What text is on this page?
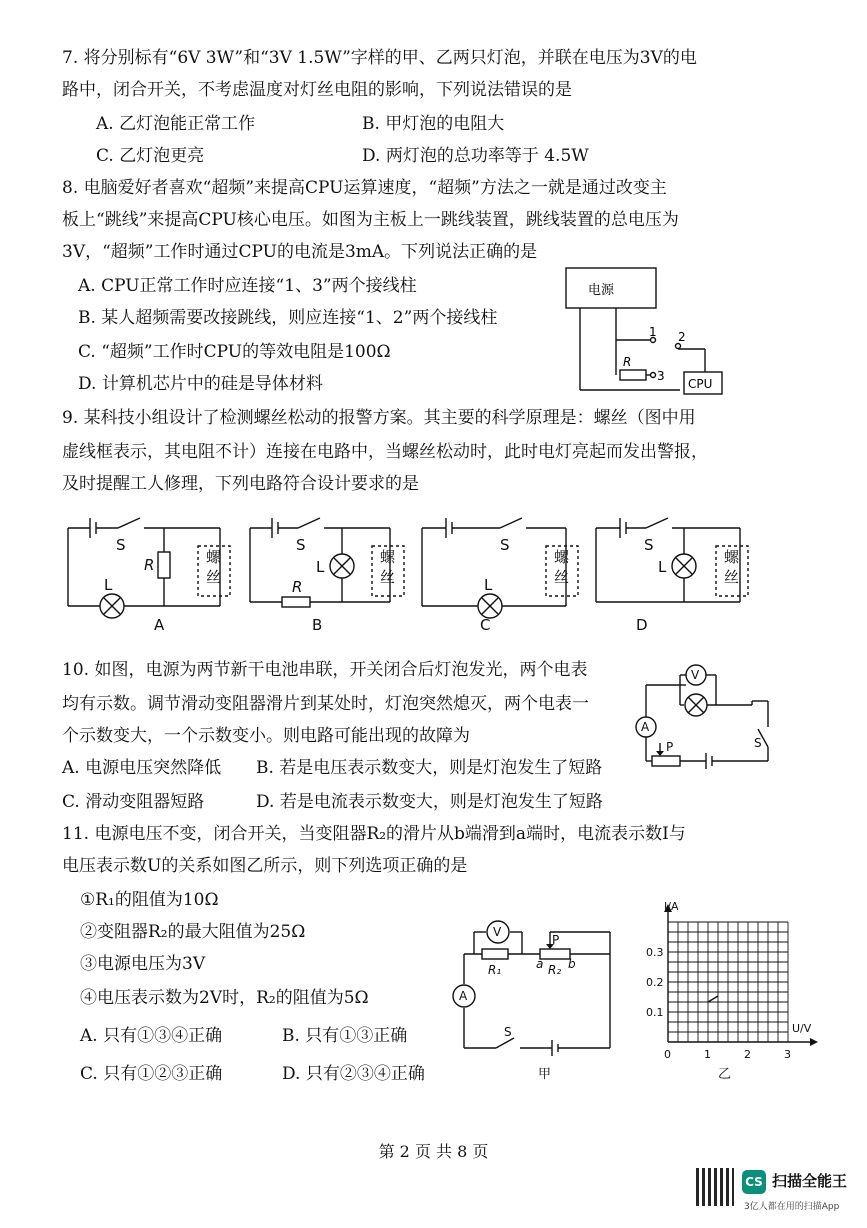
7. 将分别标有“6V 3W”和“3V 1.5W”字样的甲、乙两只灯泡，并联在电压为3V的电
路中，闭合开关，不考虑温度对灯丝电阻的影响，下列说法错误的是
A. 乙灯泡能正常工作	B. 甲灯泡的电阻大
C. 乙灯泡更亮	D. 两灯泡的总功率等于 4.5W
8. 电脑爱好者喜欢“超频”来提高CPU运算速度，“超频”方法之一就是通过改变主
板上“跳线”来提高CPU核心电压。如图为主板上一跳线装置，跳线装置的总电压为
3V，“超频”工作时通过CPU的电流是3mA。下列说法正确的是
A. CPU正常工作时应连接“1、3”两个接线柱
B. 某人超频需要改接跳线，则应连接“1、2”两个接线柱
C. “超频”工作时CPU的等效电阻是100Ω
D. 计算机芯片中的硅是导体材料
电源
1 2
3
R
CPU
9. 某科技小组设计了检测螺丝松动的报警方案。其主要的科学原理是：螺丝（图中用
虚线框表示，其电阻不计）连接在电路中，当螺丝松动时，此时电灯亮起而发出警报，
及时提醒工人修理，下列电路符合设计要求的是
S
R
L
螺
丝
S
R
L
螺
丝
S
L
螺
丝
S
L
螺
丝
A	B	C	D
10. 如图，电源为两节新干电池串联，开关闭合后灯泡发光，两个电表
均有示数。调节滑动变阻器滑片到某处时，灯泡突然熄灭，两个电表一
个示数变大，一个示数变小。则电路可能出现的故障为
A. 电源电压突然降低 B. 若是电压表示数变大，则是灯泡发生了短路
C. 滑动变阻器短路	D. 若是电流表示数变大，则是灯泡发生了短路
V
A
S
P
11. 电源电压不变，闭合开关，当变阻器R₂的滑片从b端滑到a端时，电流表示数I与
电压表示数U的关系如图乙所示，则下列选项正确的是
①R₁的阻值为10Ω
②变阻器R₂的最大阻值为25Ω
③电源电压为3V
④电压表示数为2V时，R₂的阻值为5Ω
A. 只有①③④正确	B. 只有①③正确
C. 只有①②③正确	D. 只有②③④正确
V
A
R₁	R₂
P
a b
S
甲
I/A
U/V
0.1
0.2
0.3
0	1	2	3
乙
第 2 页 共 8 页
CS 扫描全能王
3亿人都在用的扫描App
